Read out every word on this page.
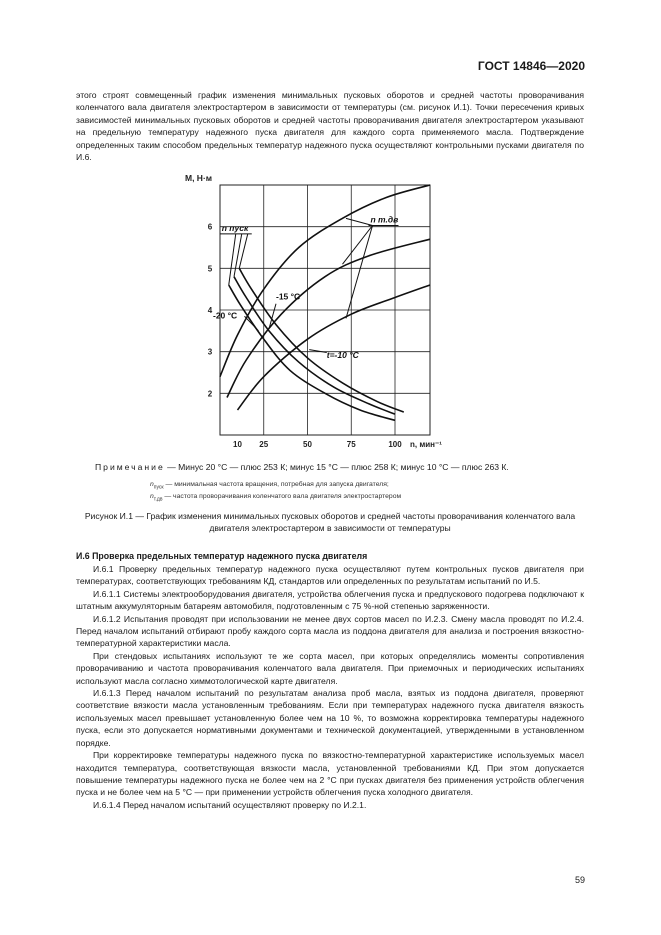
ГОСТ 14846—2020

этого строят совмещенный график изменения минимальных пусковых оборотов и средней частоты проворачивания коленчатого вала двигателя электростартером в зависимости от температуры (см. рисунок И.1). Точки пересечения кривых зависимостей минимальных пусковых оборотов и средней частоты проворачивания двигателя электростартером указывают на предельную температуру надежного пуска двигателя для каждого сорта применяемого масла. Подтверждение определенных таким способом предельных температур надежного пуска осуществляют контрольными пусками двигателя по И.6.

n пуск
n т.дв
-15 °C
-20 °C
t=-10 °C
10 25	50	75	100
2
3
4
5
6
M, Н·м
n, мин⁻¹
Примечание — Минус 20 °C — плюс 253 К; минус 15 °C — плюс 258 К; минус 10 °C — плюс 263 К.
$n_{пуск}$ — минимальная частота вращения, потребная для запуска двигателя;
$n_{т.дв}$ — частота проворачивания коленчатого вала двигателя электростартером
Рисунок И.1 — График изменения минимальных пусковых оборотов и средней частоты проворачивания коленчатого вала двигателя электростартером в зависимости от температуры
И.6 Проверка предельных температур надежного пуска двигателя

И.6.1 Проверку предельных температур надежного пуска осуществляют путем контрольных пусков двигателя при температурах, соответствующих требованиям КД, стандартов или определенных по результатам испытаний по И.5.

И.6.1.1 Системы электрооборудования двигателя, устройства облегчения пуска и предпускового подогрева подключают к штатным аккумуляторным батареям автомобиля, подготовленным с 75 %-ной степенью заряженности.

И.6.1.2 Испытания проводят при использовании не менее двух сортов масел по И.2.3. Смену масла проводят по И.2.4. Перед началом испытаний отбирают пробу каждого сорта масла из поддона двигателя для анализа и построения вязкостно-температурной характеристики масла.

При стендовых испытаниях используют те же сорта масел, при которых определялись моменты сопротивления проворачиванию и частота проворачивания коленчатого вала двигателя. При приемочных и периодических испытаниях используют масла согласно химмотологической карте двигателя.

И.6.1.3 Перед началом испытаний по результатам анализа проб масла, взятых из поддона двигателя, проверяют соответствие вязкости масла установленным требованиям. Если при температурах надежного пуска двигателя вязкость используемых масел превышает установленную более чем на 10 %, то возможна корректировка температуры надежного пуска, если это допускается нормативными документами и технической документацией, утвержденными в установленном порядке.

При корректировке температуры надежного пуска по вязкостно-температурной характеристике используемых масел находится температура, соответствующая вязкости масла, установленной требованиями КД. При этом допускается повышение температуры надежного пуска не более чем на 2 °C при пусках двигателя без применения устройств облегчения пуска и не более чем на 5 °C — при применении устройств облегчения пуска холодного двигателя.

И.6.1.4 Перед началом испытаний осуществляют проверку по И.2.1.

59
